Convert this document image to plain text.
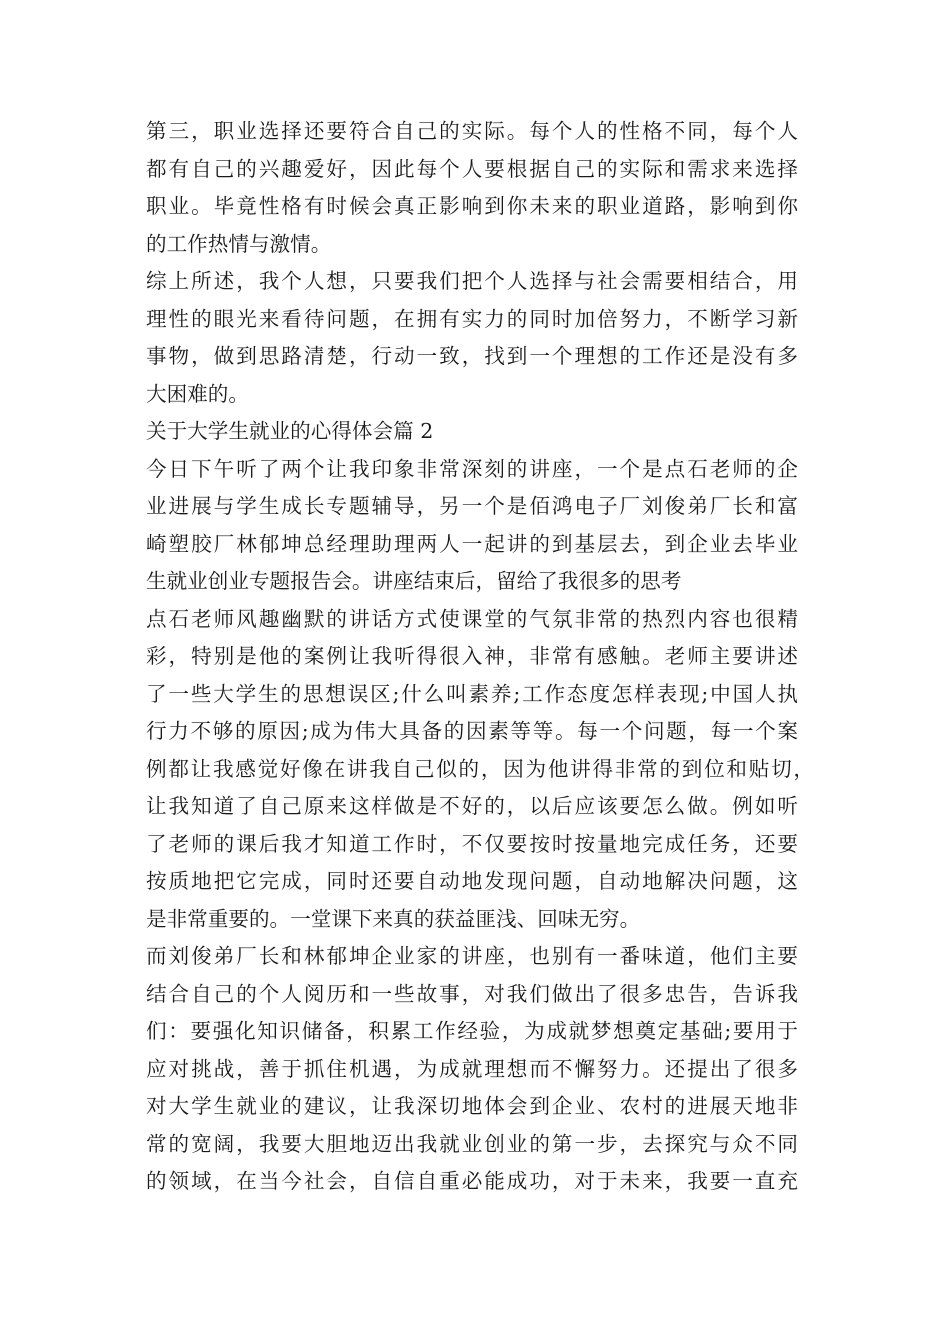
第三，职业选择还要符合自己的实际。每个人的性格不同，每个人
都有自己的兴趣爱好，因此每个人要根据自己的实际和需求来选择
职业。毕竟性格有时候会真正影响到你未来的职业道路，影响到你
的工作热情与激情。
综上所述，我个人想，只要我们把个人选择与社会需要相结合，用
理性的眼光来看待问题，在拥有实力的同时加倍努力，不断学习新
事物，做到思路清楚，行动一致，找到一个理想的工作还是没有多
大困难的。
关于大学生就业的心得体会篇 2
今日下午听了两个让我印象非常深刻的讲座，一个是点石老师的企
业进展与学生成长专题辅导，另一个是佰鸿电子厂刘俊弟厂长和富
崎塑胶厂林郁坤总经理助理两人一起讲的到基层去，到企业去毕业
生就业创业专题报告会。讲座结束后，留给了我很多的思考
点石老师风趣幽默的讲话方式使课堂的气氛非常的热烈内容也很精
彩，特别是他的案例让我听得很入神，非常有感触。老师主要讲述
了一些大学生的思想误区;什么叫素养;工作态度怎样表现;中国人执
行力不够的原因;成为伟大具备的因素等等。每一个问题，每一个案
例都让我感觉好像在讲我自己似的，因为他讲得非常的到位和贴切，
让我知道了自己原来这样做是不好的，以后应该要怎么做。例如听
了老师的课后我才知道工作时，不仅要按时按量地完成任务，还要
按质地把它完成，同时还要自动地发现问题，自动地解决问题，这
是非常重要的。一堂课下来真的获益匪浅、回味无穷。
而刘俊弟厂长和林郁坤企业家的讲座，也别有一番味道，他们主要
结合自己的个人阅历和一些故事，对我们做出了很多忠告，告诉我
们：要强化知识储备，积累工作经验，为成就梦想奠定基础;要用于
应对挑战，善于抓住机遇，为成就理想而不懈努力。还提出了很多
对大学生就业的建议，让我深切地体会到企业、农村的进展天地非
常的宽阔，我要大胆地迈出我就业创业的第一步，去探究与众不同
的领域，在当今社会，自信自重必能成功，对于未来，我要一直充
